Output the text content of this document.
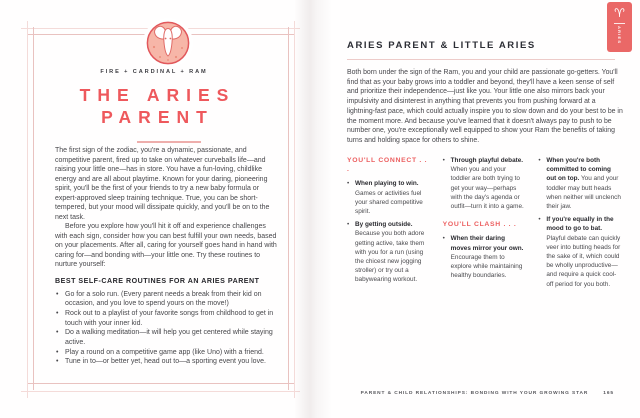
FIRE + CARDINAL + RAM
THE ARIES
PARENT

The first sign of the zodiac, you're a dynamic, passionate, and competitive parent, fired up to take on whatever curveballs life—and raising your little one—has in store. You have a fun-loving, childlike energy and are all about playtime. Known for your daring, pioneering spirit, you'll be the first of your friends to try a new baby formula or expert-approved sleep training technique. True, you can be short-tempered, but your mood will dissipate quickly, and you'll be on to the next task.

Before you explore how you'll hit it off and experience challenges with each sign, consider how you can best fulfill your own needs, based on your placements. After all, caring for yourself goes hand in hand with caring for—and bonding with—your little one. Try these routines to nurture yourself:

BEST SELF-CARE ROUTINES FOR AN ARIES PARENT
• Go for a solo run. (Every parent needs a break from their kid on occasion, and you love to spend yours on the move!)
• Rock out to a playlist of your favorite songs from childhood to get in touch with your inner kid.
• Do a walking meditation—it will help you get centered while staying active.
• Play a round on a competitive game app (like Uno) with a friend.
• Tune in to—or better yet, head out to—a sporting event you love.
♈
ARIES
ARIES PARENT & LITTLE ARIES

Both born under the sign of the Ram, you and your child are passionate go-getters. You'll find that as your baby grows into a toddler and beyond, they'll have a keen sense of self and prioritize their independence—just like you. Your little one also mirrors back your impulsivity and disinterest in anything that prevents you from pushing forward at a lightning-fast pace, which could actually inspire you to slow down and do your best to be in the moment more. And because you've learned that it doesn't always pay to push to be number one, you're exceptionally well equipped to show your Ram the benefits of taking turns and holding space for others to shine.

YOU'LL CONNECT . . .
• When playing to win. Games or activities fuel your shared competitive spirit.
• By getting outside. Because you both adore getting active, take them with you for a run (using the chicest new jogging stroller) or try out a babywearing workout.
• Through playful debate. When you and your toddler are both trying to get your way—perhaps with the day's agenda or outfit—turn it into a game.
YOU'LL CLASH . . .
• When their daring moves mirror your own. Encourage them to explore while maintaining healthy boundaries.
• When you're both committed to coming out on top. You and your toddler may butt heads when neither will unclench their jaw.
• If you're equally in the mood to go to bat. Playful debate can quickly veer into butting heads for the sake of it, which could be wholly unproductive—and require a quick cool-off period for you both.
PARENT & CHILD RELATIONSHIPS: BONDING WITH YOUR GROWING STAR	165
